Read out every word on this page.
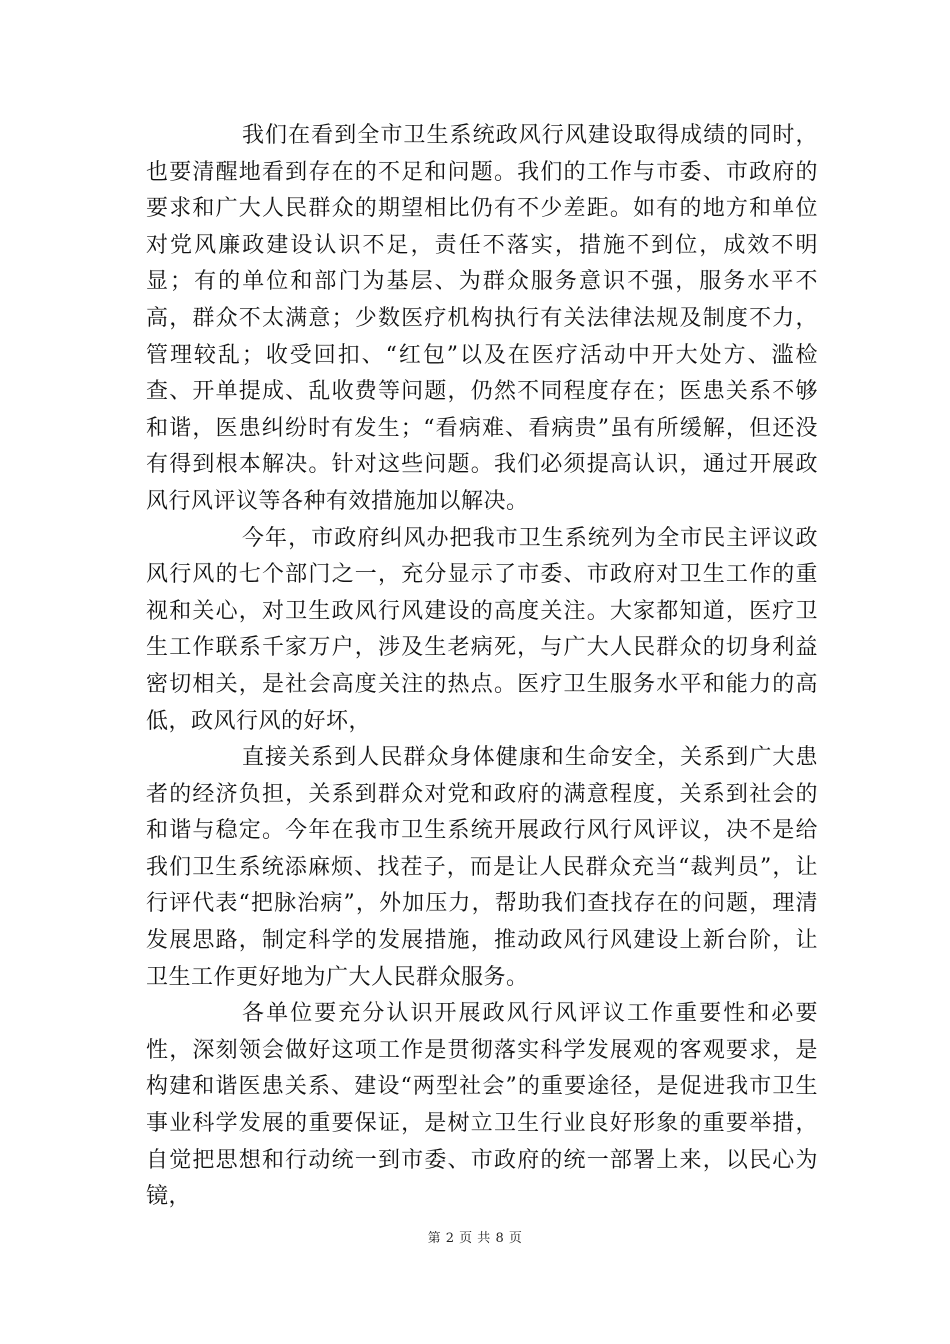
我们在看到全市卫生系统政风行风建设取得成绩的同时，也要清醒地看到存在的不足和问题。我们的工作与市委、市政府的要求和广大人民群众的期望相比仍有不少差距。如有的地方和单位对党风廉政建设认识不足，责任不落实，措施不到位，成效不明显；有的单位和部门为基层、为群众服务意识不强，服务水平不高，群众不太满意；少数医疗机构执行有关法律法规及制度不力，管理较乱；收受回扣、“红包”以及在医疗活动中开大处方、滥检查、开单提成、乱收费等问题，仍然不同程度存在；医患关系不够和谐，医患纠纷时有发生；“看病难、看病贵”虽有所缓解，但还没有得到根本解决。针对这些问题。我们必须提高认识，通过开展政风行风评议等各种有效措施加以解决。

今年，市政府纠风办把我市卫生系统列为全市民主评议政风行风的七个部门之一，充分显示了市委、市政府对卫生工作的重视和关心，对卫生政风行风建设的高度关注。大家都知道，医疗卫生工作联系千家万户，涉及生老病死，与广大人民群众的切身利益密切相关，是社会高度关注的热点。医疗卫生服务水平和能力的高低，政风行风的好坏，

直接关系到人民群众身体健康和生命安全，关系到广大患者的经济负担，关系到群众对党和政府的满意程度，关系到社会的和谐与稳定。今年在我市卫生系统开展政行风行风评议，决不是给我们卫生系统添麻烦、找茬子，而是让人民群众充当“裁判员”，让行评代表“把脉治病”，外加压力，帮助我们查找存在的问题，理清发展思路，制定科学的发展措施，推动政风行风建设上新台阶，让卫生工作更好地为广大人民群众服务。

各单位要充分认识开展政风行风评议工作重要性和必要性，深刻领会做好这项工作是贯彻落实科学发展观的客观要求，是构建和谐医患关系、建设“两型社会”的重要途径，是促进我市卫生事业科学发展的重要保证，是树立卫生行业良好形象的重要举措，自觉把思想和行动统一到市委、市政府的统一部署上来，以民心为镜，

第 2 页 共 8 页
